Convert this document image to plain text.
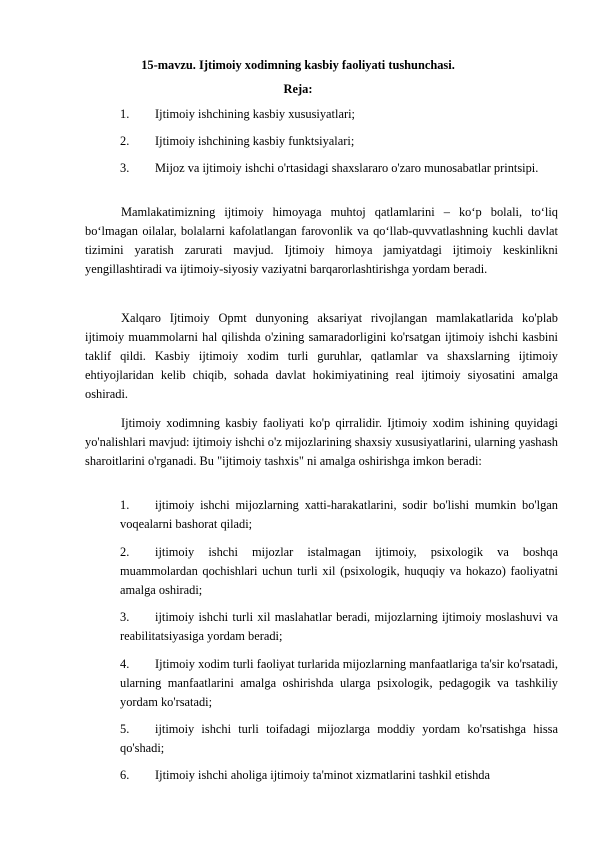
15-mavzu. Ijtimoiy xodimning kasbiy faoliyati tushunchasi.
Reja:

1.	Ijtimoiy ishchining kasbiy xususiyatlari;

2.	Ijtimoiy ishchining kasbiy funktsiyalari;

3.	Mijoz va ijtimoiy ishchi o'rtasidagi shaxslararo o'zaro munosabatlar printsipi.

Mamlakatimizning ijtimoiy himoyaga muhtoj qatlamlarini – ko‘p bolali, to‘liq bo‘lmagan oilalar, bolalarni kafolatlangan farovonlik va qo‘llab-quvvatlashning kuchli davlat tizimini yaratish zarurati mavjud. Ijtimoiy himoya jamiyatdagi ijtimoiy keskinlikni yengillashtiradi va ijtimoiy-siyosiy vaziyatni barqarorlashtirishga yordam beradi.

Xalqaro Ijtimoiy Opmt dunyoning aksariyat rivojlangan mamlakatlarida ko'plab ijtimoiy muammolarni hal qilishda o'zining samaradorligini ko'rsatgan ijtimoiy ishchi kasbini taklif qildi. Kasbiy ijtimoiy xodim turli guruhlar, qatlamlar va shaxslarning ijtimoiy ehtiyojlaridan kelib chiqib, sohada davlat hokimiyatining real ijtimoiy siyosatini amalga oshiradi.

Ijtimoiy xodimning kasbiy faoliyati ko'p qirralidir. Ijtimoiy xodim ishining quyidagi yo'nalishlari mavjud: ijtimoiy ishchi o'z mijozlarining shaxsiy xususiyatlarini, ularning yashash sharoitlarini o'rganadi. Bu "ijtimoiy tashxis" ni amalga oshirishga imkon beradi:

1.	ijtimoiy ishchi mijozlarning xatti-harakatlarini, sodir bo'lishi mumkin bo'lgan voqealarni bashorat qiladi;

2.	ijtimoiy ishchi mijozlar istalmagan ijtimoiy, psixologik va boshqa muammolardan qochishlari uchun turli xil (psixologik, huquqiy va hokazo) faoliyatni amalga oshiradi;

3.	ijtimoiy ishchi turli xil maslahatlar beradi, mijozlarning ijtimoiy moslashuvi va reabilitatsiyasiga yordam beradi;

4.	Ijtimoiy xodim turli faoliyat turlarida mijozlarning manfaatlariga ta'sir ko'rsatadi, ularning manfaatlarini amalga oshirishda ularga psixologik, pedagogik va tashkiliy yordam ko'rsatadi;

5.	ijtimoiy ishchi turli toifadagi mijozlarga moddiy yordam ko'rsatishga hissa qo'shadi;

6.	Ijtimoiy ishchi aholiga ijtimoiy ta'minot xizmatlarini tashkil etishda
